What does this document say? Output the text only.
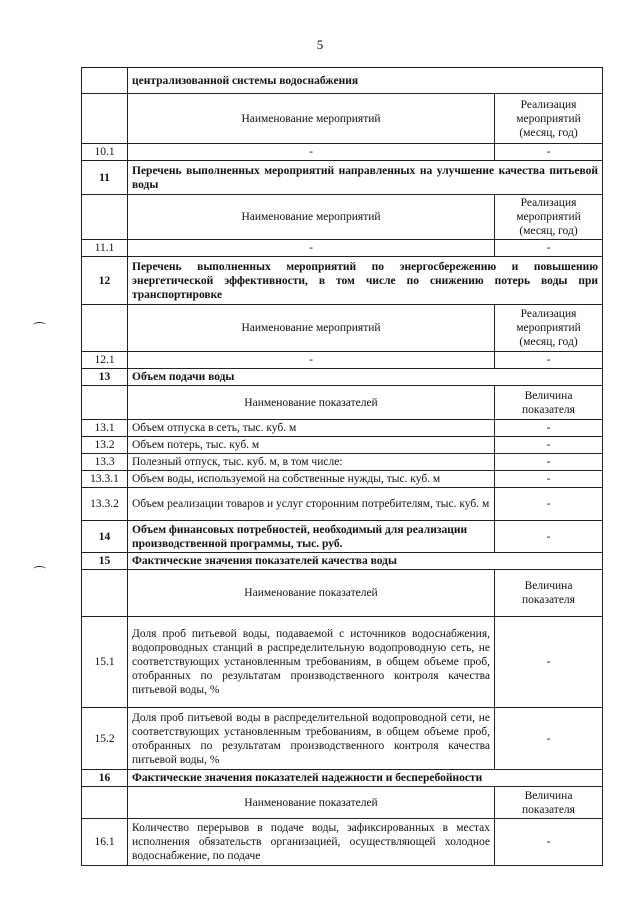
5
	централизованной системы водоснабжения	
	Наименование мероприятий	Реализация мероприятий (месяц, год)
10.1	-	-
11	Перечень выполненных мероприятий направленных на улучшение качества питьевой воды	
	Наименование мероприятий	Реализация мероприятий (месяц, год)
11.1	-	-
12	Перечень выполненных мероприятий по энергосбережению и повышению энергетической эффективности, в том числе по снижению потерь воды при транспортировке	
	Наименование мероприятий	Реализация мероприятий (месяц, год)
12.1	-	-
13	Объем подачи воды	
	Наименование показателей	Величина показателя
13.1	Объем отпуска в сеть, тыс. куб. м	-
13.2	Объем потерь, тыс. куб. м	-
13.3	Полезный отпуск, тыс. куб. м, в том числе:	-
13.3.1	Объем воды, используемой на собственные нужды, тыс. куб. м	-
13.3.2	Объем реализации товаров и услуг сторонним потребителям, тыс. куб. м	-
14	Объем финансовых потребностей, необходимый для реализации производственной программы, тыс. руб.	-
15	Фактические значения показателей качества воды	
	Наименование показателей	Величина показателя
15.1	Доля проб питьевой воды, подаваемой с источников водоснабжения, водопроводных станций в распределительную водопроводную сеть, не соответствующих установленным требованиям, в общем объеме проб, отобранных по результатам производственного контроля качества питьевой воды, %	-
15.2	Доля проб питьевой воды в распределительной водопроводной сети, не соответствующих установленным требованиям, в общем объеме проб, отобранных по результатам производственного контроля качества питьевой воды, %	-
16	Фактические значения показателей надежности и бесперебойности	
	Наименование показателей	Величина показателя
16.1	Количество перерывов в подаче воды, зафиксированных в местах исполнения обязательств организацией, осуществляющей холодное водоснабжение, по подаче	-
